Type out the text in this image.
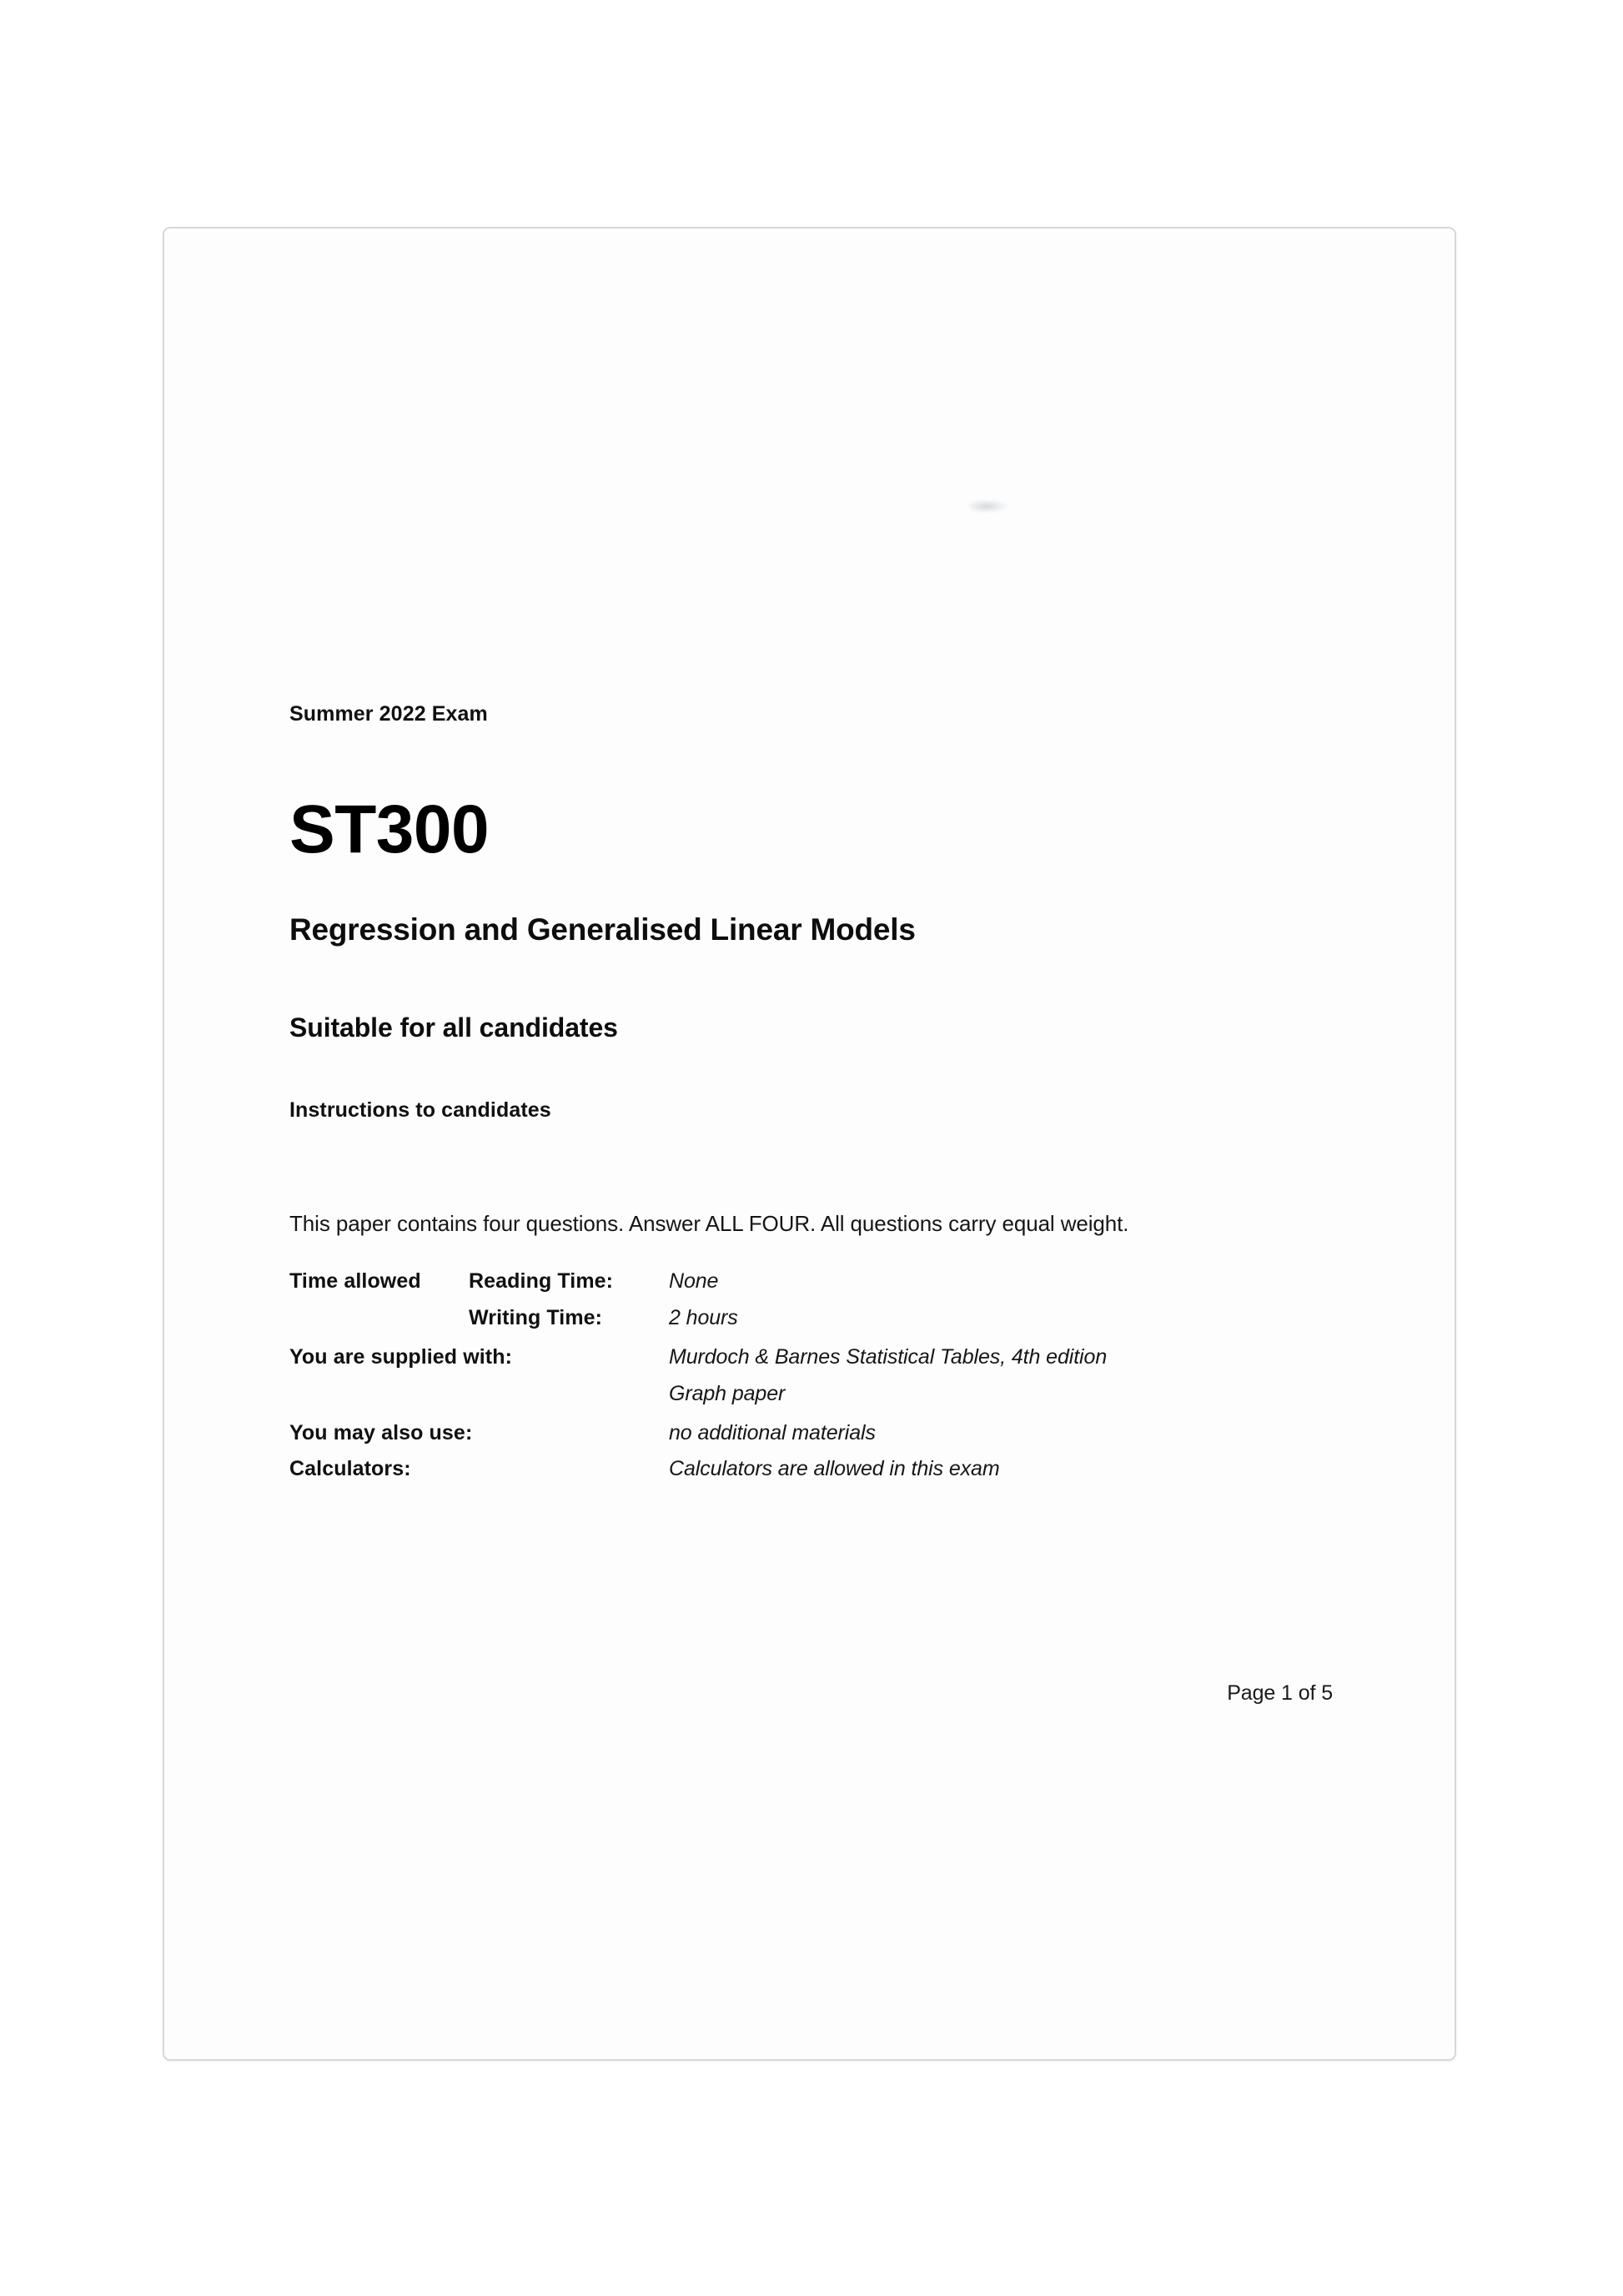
Summer 2022 Exam
ST300
Regression and Generalised Linear Models
Suitable for all candidates
Instructions to candidates
This paper contains four questions. Answer ALL FOUR. All questions carry equal weight.
Time allowed	Reading Time:	None
	Writing Time:	2 hours
You are supplied with:		Murdoch & Barnes Statistical Tables, 4th edition
		Graph paper
You may also use:		no additional materials
Calculators:		Calculators are allowed in this exam
Page 1 of 5
